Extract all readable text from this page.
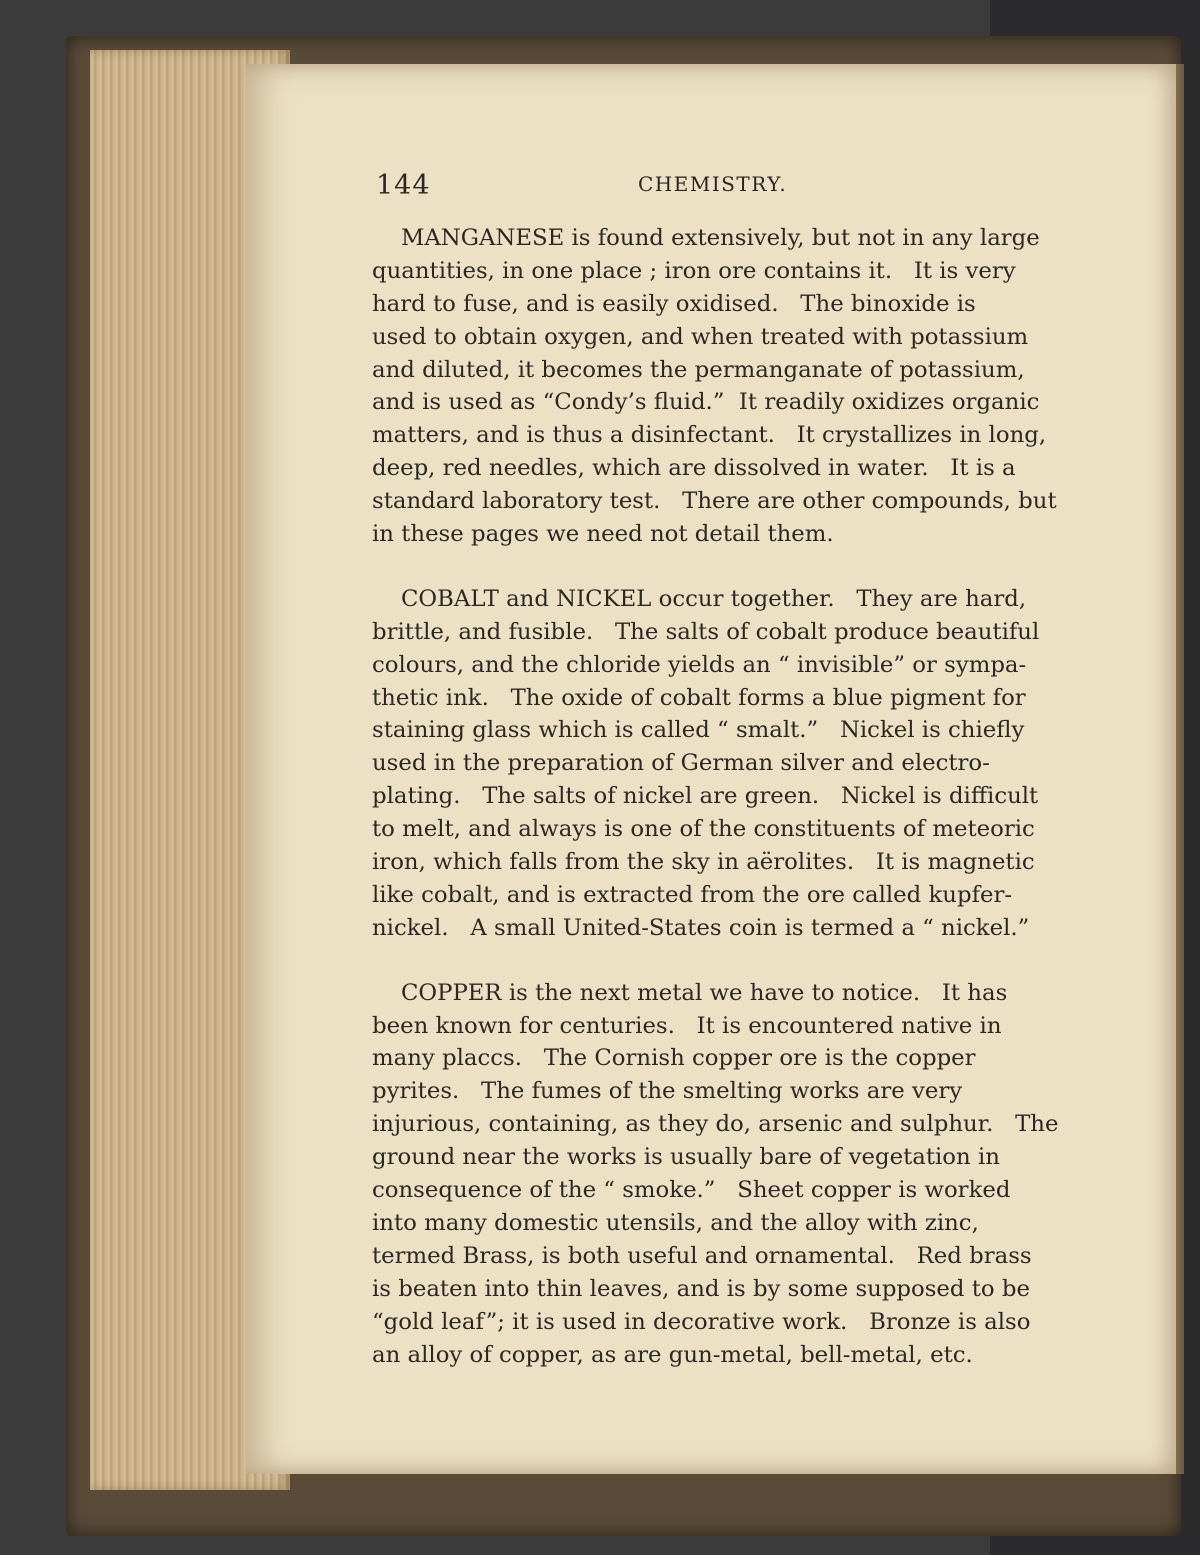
144	CHEMISTRY.
MANGANESE is found extensively, but not in any large
quantities, in one place ; iron ore contains it.   It is very
hard to fuse, and is easily oxidised.   The binoxide is
used to obtain oxygen, and when treated with potassium
and diluted, it becomes the permanganate of potassium,
and is used as “Condy’s fluid.”  It readily oxidizes organic
matters, and is thus a disinfectant.   It crystallizes in long,
deep, red needles, which are dissolved in water.   It is a
standard laboratory test.   There are other compounds, but
in these pages we need not detail them.
COBALT and NICKEL occur together.   They are hard,
brittle, and fusible.   The salts of cobalt produce beautiful
colours, and the chloride yields an “ invisible” or sympa-
thetic ink.   The oxide of cobalt forms a blue pigment for
staining glass which is called “ smalt.”   Nickel is chiefly
used in the preparation of German silver and electro-
plating.   The salts of nickel are green.   Nickel is difficult
to melt, and always is one of the constituents of meteoric
iron, which falls from the sky in aërolites.   It is magnetic
like cobalt, and is extracted from the ore called kupfer-
nickel.   A small United-States coin is termed a “ nickel.”
COPPER is the next metal we have to notice.   It has
been known for centuries.   It is encountered native in
many placcs.   The Cornish copper ore is the copper
pyrites.   The fumes of the smelting works are very
injurious, containing, as they do, arsenic and sulphur.   The
ground near the works is usually bare of vegetation in
consequence of the “ smoke.”   Sheet copper is worked
into many domestic utensils, and the alloy with zinc,
termed Brass, is both useful and ornamental.   Red brass
is beaten into thin leaves, and is by some supposed to be
“gold leaf”; it is used in decorative work.   Bronze is also
an alloy of copper, as are gun-metal, bell-metal, etc.
